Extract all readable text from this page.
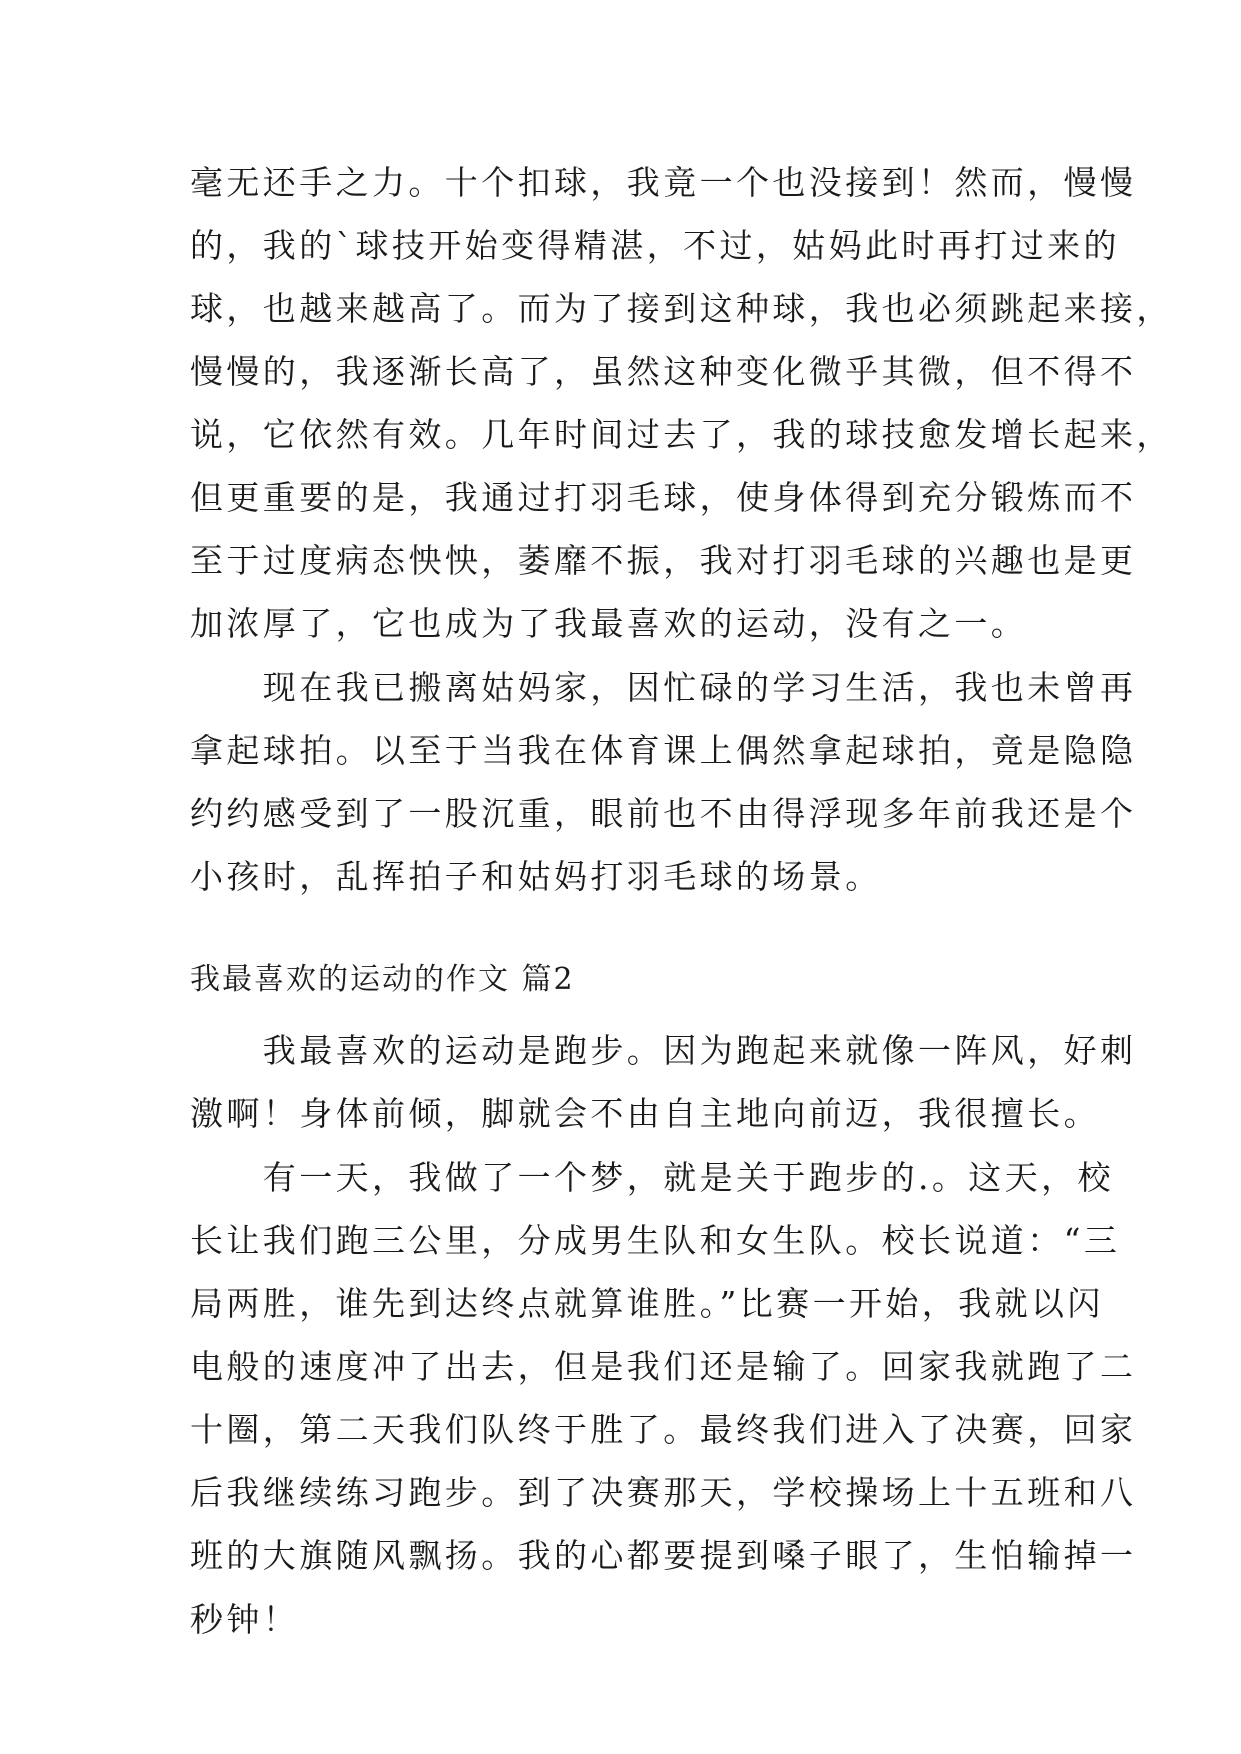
毫无还手之力。十个扣球，我竟一个也没接到！然而，慢慢
的，我的`球技开始变得精湛，不过，姑妈此时再打过来的
球，也越来越高了。而为了接到这种球，我也必须跳起来接，
慢慢的，我逐渐长高了，虽然这种变化微乎其微，但不得不
说，它依然有效。几年时间过去了，我的球技愈发增长起来，
但更重要的是，我通过打羽毛球，使身体得到充分锻炼而不
至于过度病态怏怏，萎靡不振，我对打羽毛球的兴趣也是更
加浓厚了，它也成为了我最喜欢的运动，没有之一。
　　现在我已搬离姑妈家，因忙碌的学习生活，我也未曾再
拿起球拍。以至于当我在体育课上偶然拿起球拍，竟是隐隐
约约感受到了一股沉重，眼前也不由得浮现多年前我还是个
小孩时，乱挥拍子和姑妈打羽毛球的场景。
我最喜欢的运动的作文 篇2
　　我最喜欢的运动是跑步。因为跑起来就像一阵风，好刺
激啊！身体前倾，脚就会不由自主地向前迈，我很擅长。
　　有一天，我做了一个梦，就是关于跑步的.。这天，校
长让我们跑三公里，分成男生队和女生队。校长说道：“三
局两胜，谁先到达终点就算谁胜。”比赛一开始，我就以闪
电般的速度冲了出去，但是我们还是输了。回家我就跑了二
十圈，第二天我们队终于胜了。最终我们进入了决赛，回家
后我继续练习跑步。到了决赛那天，学校操场上十五班和八
班的大旗随风飘扬。我的心都要提到嗓子眼了，生怕输掉一
秒钟！
